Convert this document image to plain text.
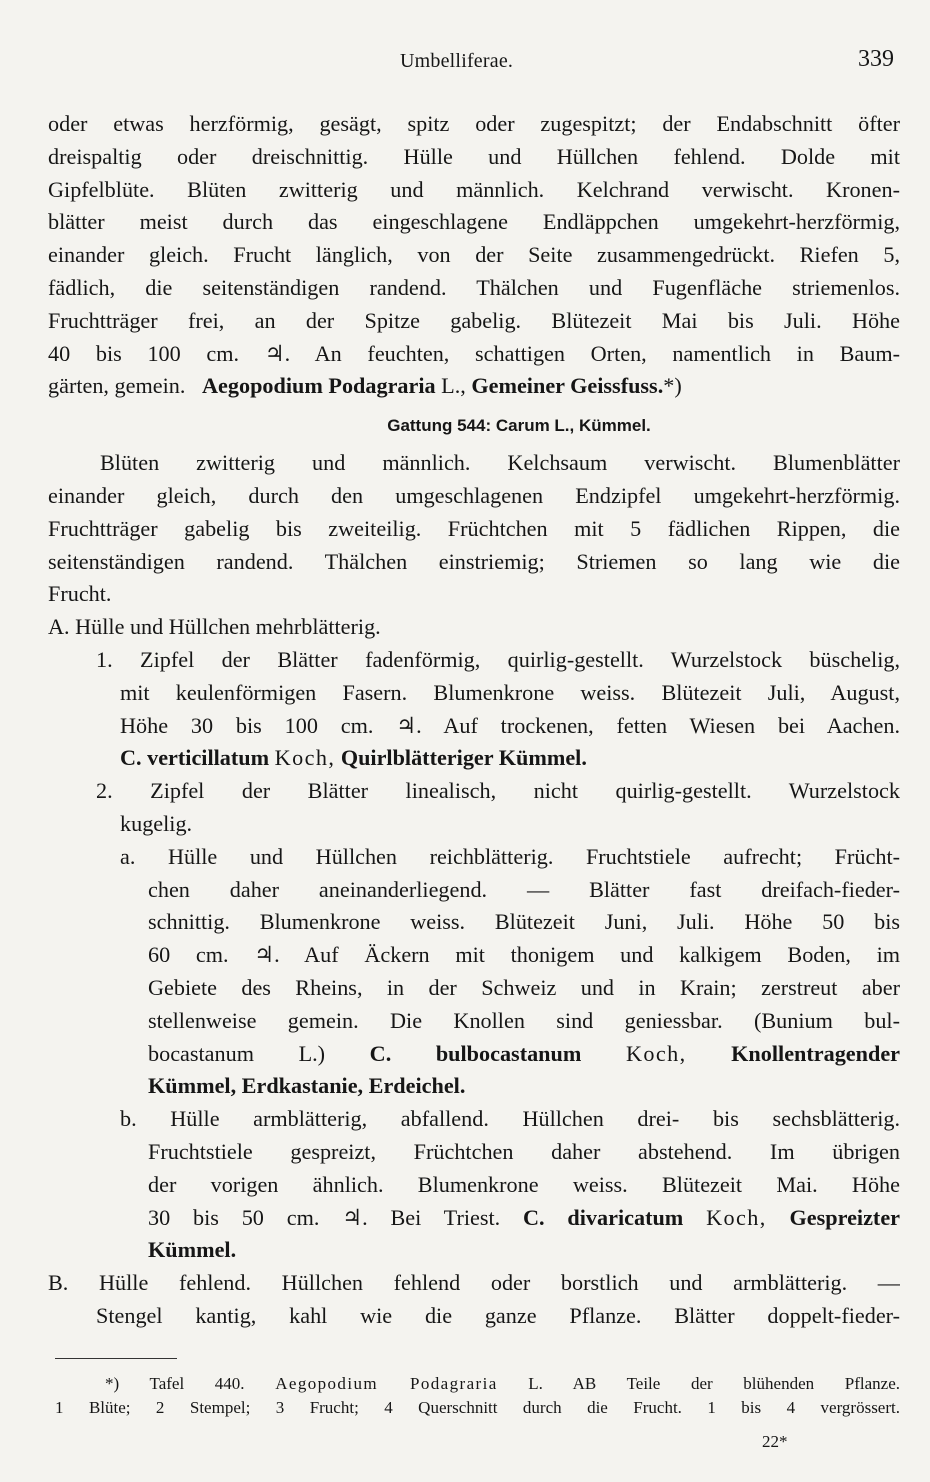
Umbelliferae.	339
oder etwas herzförmig, gesägt, spitz oder zugespitzt; der Endabschnitt öfter
dreispaltig oder dreischnittig. Hülle und Hüllchen fehlend. Dolde mit
Gipfelblüte. Blüten zwitterig und männlich. Kelchrand verwischt. Kronen-
blätter meist durch das eingeschlagene Endläppchen umgekehrt-herzförmig,
einander gleich. Frucht länglich, von der Seite zusammengedrückt. Riefen 5,
fädlich, die seitenständigen randend. Thälchen und Fugenfläche striemenlos.
Fruchtträger frei, an der Spitze gabelig. Blütezeit Mai bis Juli. Höhe
40 bis 100 cm. ♃. An feuchten, schattigen Orten, namentlich in Baum-
gärten, gemein. Aegopodium Podagraria L., Gemeiner Geissfuss.*)
Gattung 544: Carum L., Kümmel.
Blüten zwitterig und männlich. Kelchsaum verwischt. Blumenblätter
einander gleich, durch den umgeschlagenen Endzipfel umgekehrt-herzförmig.
Fruchtträger gabelig bis zweiteilig. Früchtchen mit 5 fädlichen Rippen, die
seitenständigen randend. Thälchen einstriemig; Striemen so lang wie die
Frucht.
A. Hülle und Hüllchen mehrblätterig.
1. Zipfel der Blätter fadenförmig, quirlig-gestellt. Wurzelstock büschelig,
mit keulenförmigen Fasern. Blumenkrone weiss. Blütezeit Juli, August,
Höhe 30 bis 100 cm. ♃. Auf trockenen, fetten Wiesen bei Aachen.
C. verticillatum Koch, Quirlblätteriger Kümmel.
2. Zipfel der Blätter linealisch, nicht quirlig-gestellt. Wurzelstock
kugelig.
a. Hülle und Hüllchen reichblätterig. Fruchtstiele aufrecht; Frücht-
chen daher aneinanderliegend. — Blätter fast dreifach-fieder-
schnittig. Blumenkrone weiss. Blütezeit Juni, Juli. Höhe 50 bis
60 cm. ♃. Auf Äckern mit thonigem und kalkigem Boden, im
Gebiete des Rheins, in der Schweiz und in Krain; zerstreut aber
stellenweise gemein. Die Knollen sind geniessbar. (Bunium bul-
bocastanum L.) C. bulbocastanum Koch, Knollentragender
Kümmel, Erdkastanie, Erdeichel.
b. Hülle armblätterig, abfallend. Hüllchen drei- bis sechsblätterig.
Fruchtstiele gespreizt, Früchtchen daher abstehend. Im übrigen
der vorigen ähnlich. Blumenkrone weiss. Blütezeit Mai. Höhe
30 bis 50 cm. ♃. Bei Triest. C. divaricatum Koch, Gespreizter
Kümmel.
B. Hülle fehlend. Hüllchen fehlend oder borstlich und armblätterig. —
Stengel kantig, kahl wie die ganze Pflanze. Blätter doppelt-fieder-
*) Tafel 440. Aegopodium Podagraria L. AB Teile der blühenden Pflanze.
1 Blüte; 2 Stempel; 3 Frucht; 4 Querschnitt durch die Frucht. 1 bis 4 vergrössert.
22*
